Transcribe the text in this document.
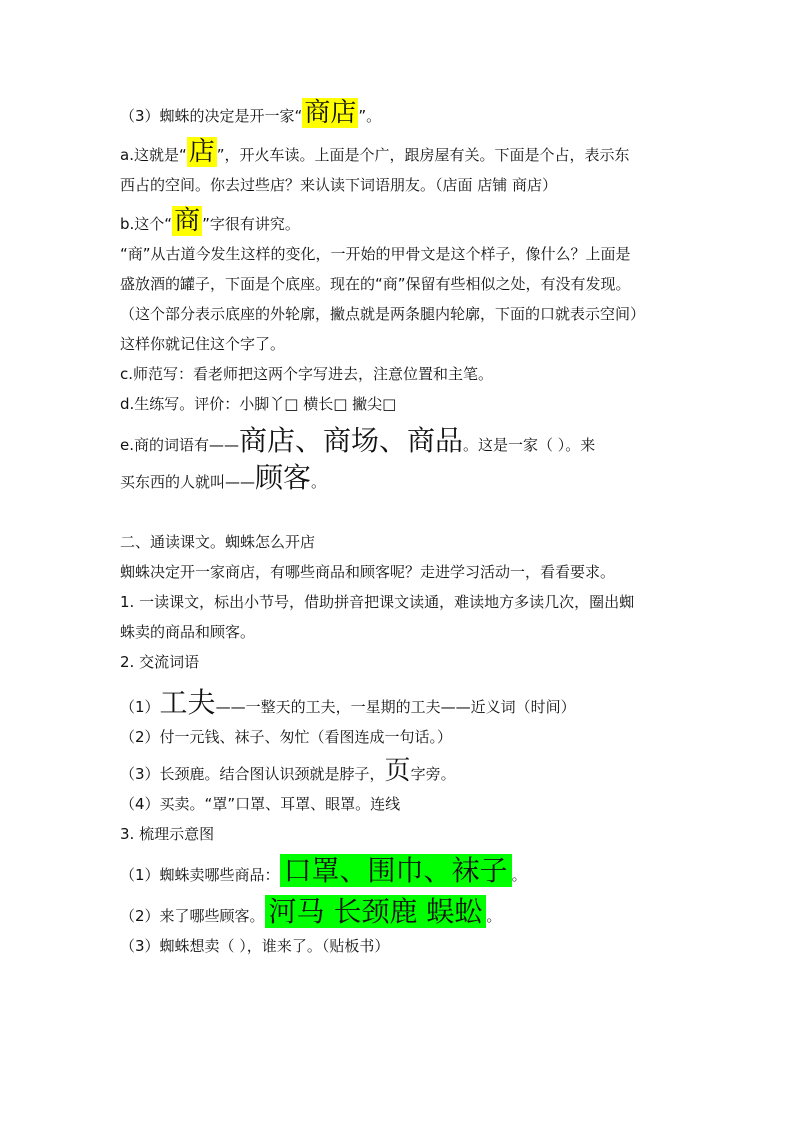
（3）蜘蛛的决定是开一家“商店 ”。
a.这就是“店 ”，开火车读。上面是个广，跟房屋有关。下面是个占，表示东
西占的空间。你去过些店？来认读下词语朋友。（店面 店铺 商店）
b.这个“商 ”字很有讲究。
“商”从古道今发生这样的变化，一开始的甲骨文是这个样子，像什么？上面是
盛放酒的罐子，下面是个底座。现在的“商”保留有些相似之处，有没有发现。
（这个部分表示底座的外轮廓，撇点就是两条腿内轮廓，下面的口就表示空间）
这样你就记住这个字了。
c.师范写：看老师把这两个字写进去，注意位置和主笔。
d.生练写。评价：小脚丫□ 横长□ 撇尖□
e.商的词语有——商店、商场、商品。这是一家（ ）。来
买东西的人就叫——顾客。
二、通读课文。蜘蛛怎么开店
蜘蛛决定开一家商店，有哪些商品和顾客呢？走进学习活动一，看看要求。
1. 一读课文，标出小节号，借助拼音把课文读通，难读地方多读几次，圈出蜘
蛛卖的商品和顾客。
2. 交流词语
（1）工夫——一整天的工夫，一星期的工夫——近义词（时间）
（2）付一元钱、袜子、匆忙（看图连成一句话。）
（3）长颈鹿。结合图认识颈就是脖子，页字旁。
（4）买卖。“罩”口罩、耳罩、眼罩。连线
3. 梳理示意图
（1）蜘蛛卖哪些商品： 口罩、围巾、袜子 。
（2）来了哪些顾客。 河马 长颈鹿 蜈蚣 。
（3）蜘蛛想卖（ ），谁来了。（贴板书）
